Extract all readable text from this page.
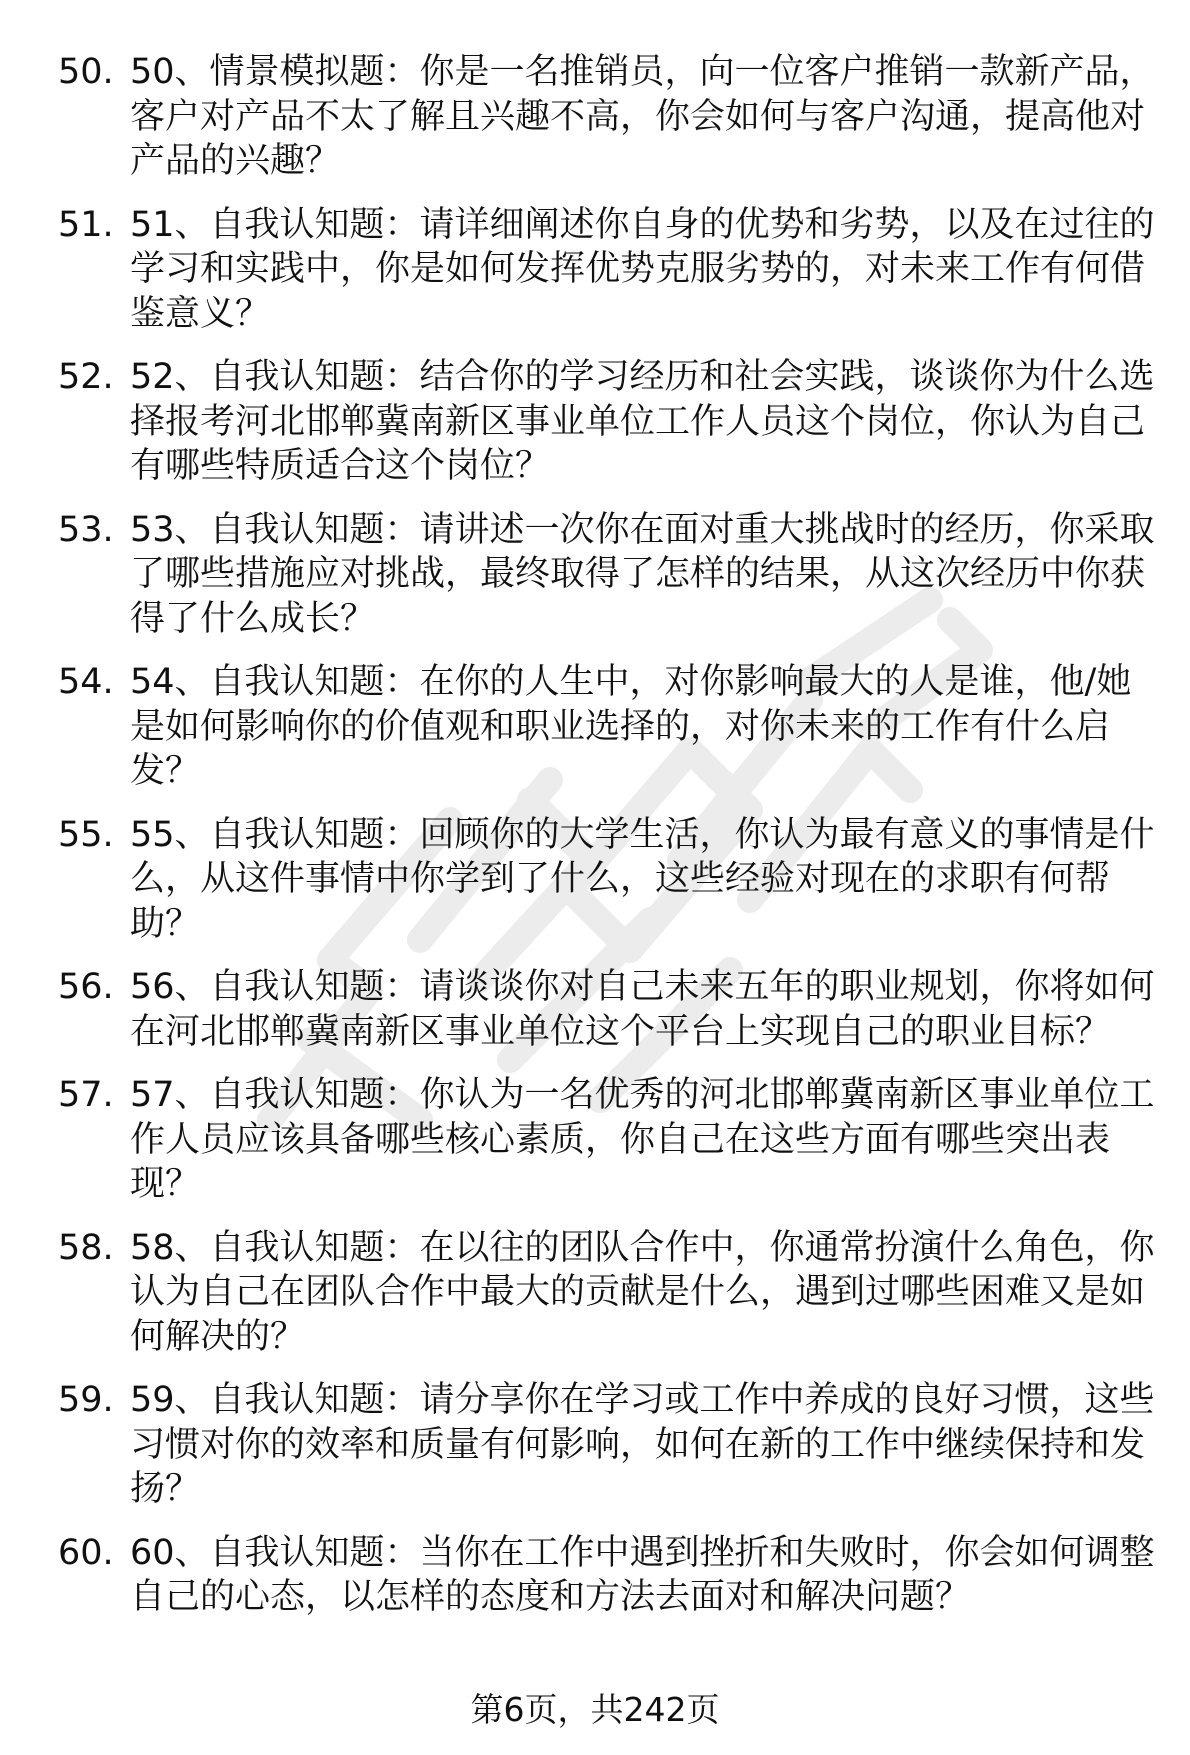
50. 50、情景模拟题：你是一名推销员，向一位客户推销一款新产品，客户对产品不太了解且兴趣不高，你会如何与客户沟通，提高他对产品的兴趣？
51. 51、自我认知题：请详细阐述你自身的优势和劣势，以及在过往的学习和实践中，你是如何发挥优势克服劣势的，对未来工作有何借鉴意义？
52. 52、自我认知题：结合你的学习经历和社会实践，谈谈你为什么选择报考河北邯郸冀南新区事业单位工作人员这个岗位，你认为自己有哪些特质适合这个岗位？
53. 53、自我认知题：请讲述一次你在面对重大挑战时的经历，你采取了哪些措施应对挑战，最终取得了怎样的结果，从这次经历中你获得了什么成长？
54. 54、自我认知题：在你的人生中，对你影响最大的人是谁，他/她是如何影响你的价值观和职业选择的，对你未来的工作有什么启发？
55. 55、自我认知题：回顾你的大学生活，你认为最有意义的事情是什么，从这件事情中你学到了什么，这些经验对现在的求职有何帮助？
56. 56、自我认知题：请谈谈你对自己未来五年的职业规划，你将如何在河北邯郸冀南新区事业单位这个平台上实现自己的职业目标？
57. 57、自我认知题：你认为一名优秀的河北邯郸冀南新区事业单位工作人员应该具备哪些核心素质，你自己在这些方面有哪些突出表现？
58. 58、自我认知题：在以往的团队合作中，你通常扮演什么角色，你认为自己在团队合作中最大的贡献是什么，遇到过哪些困难又是如何解决的？
59. 59、自我认知题：请分享你在学习或工作中养成的良好习惯，这些习惯对你的效率和质量有何影响，如何在新的工作中继续保持和发扬？
60. 60、自我认知题：当你在工作中遇到挫折和失败时，你会如何调整自己的心态，以怎样的态度和方法去面对和解决问题？
第6页，共242页
